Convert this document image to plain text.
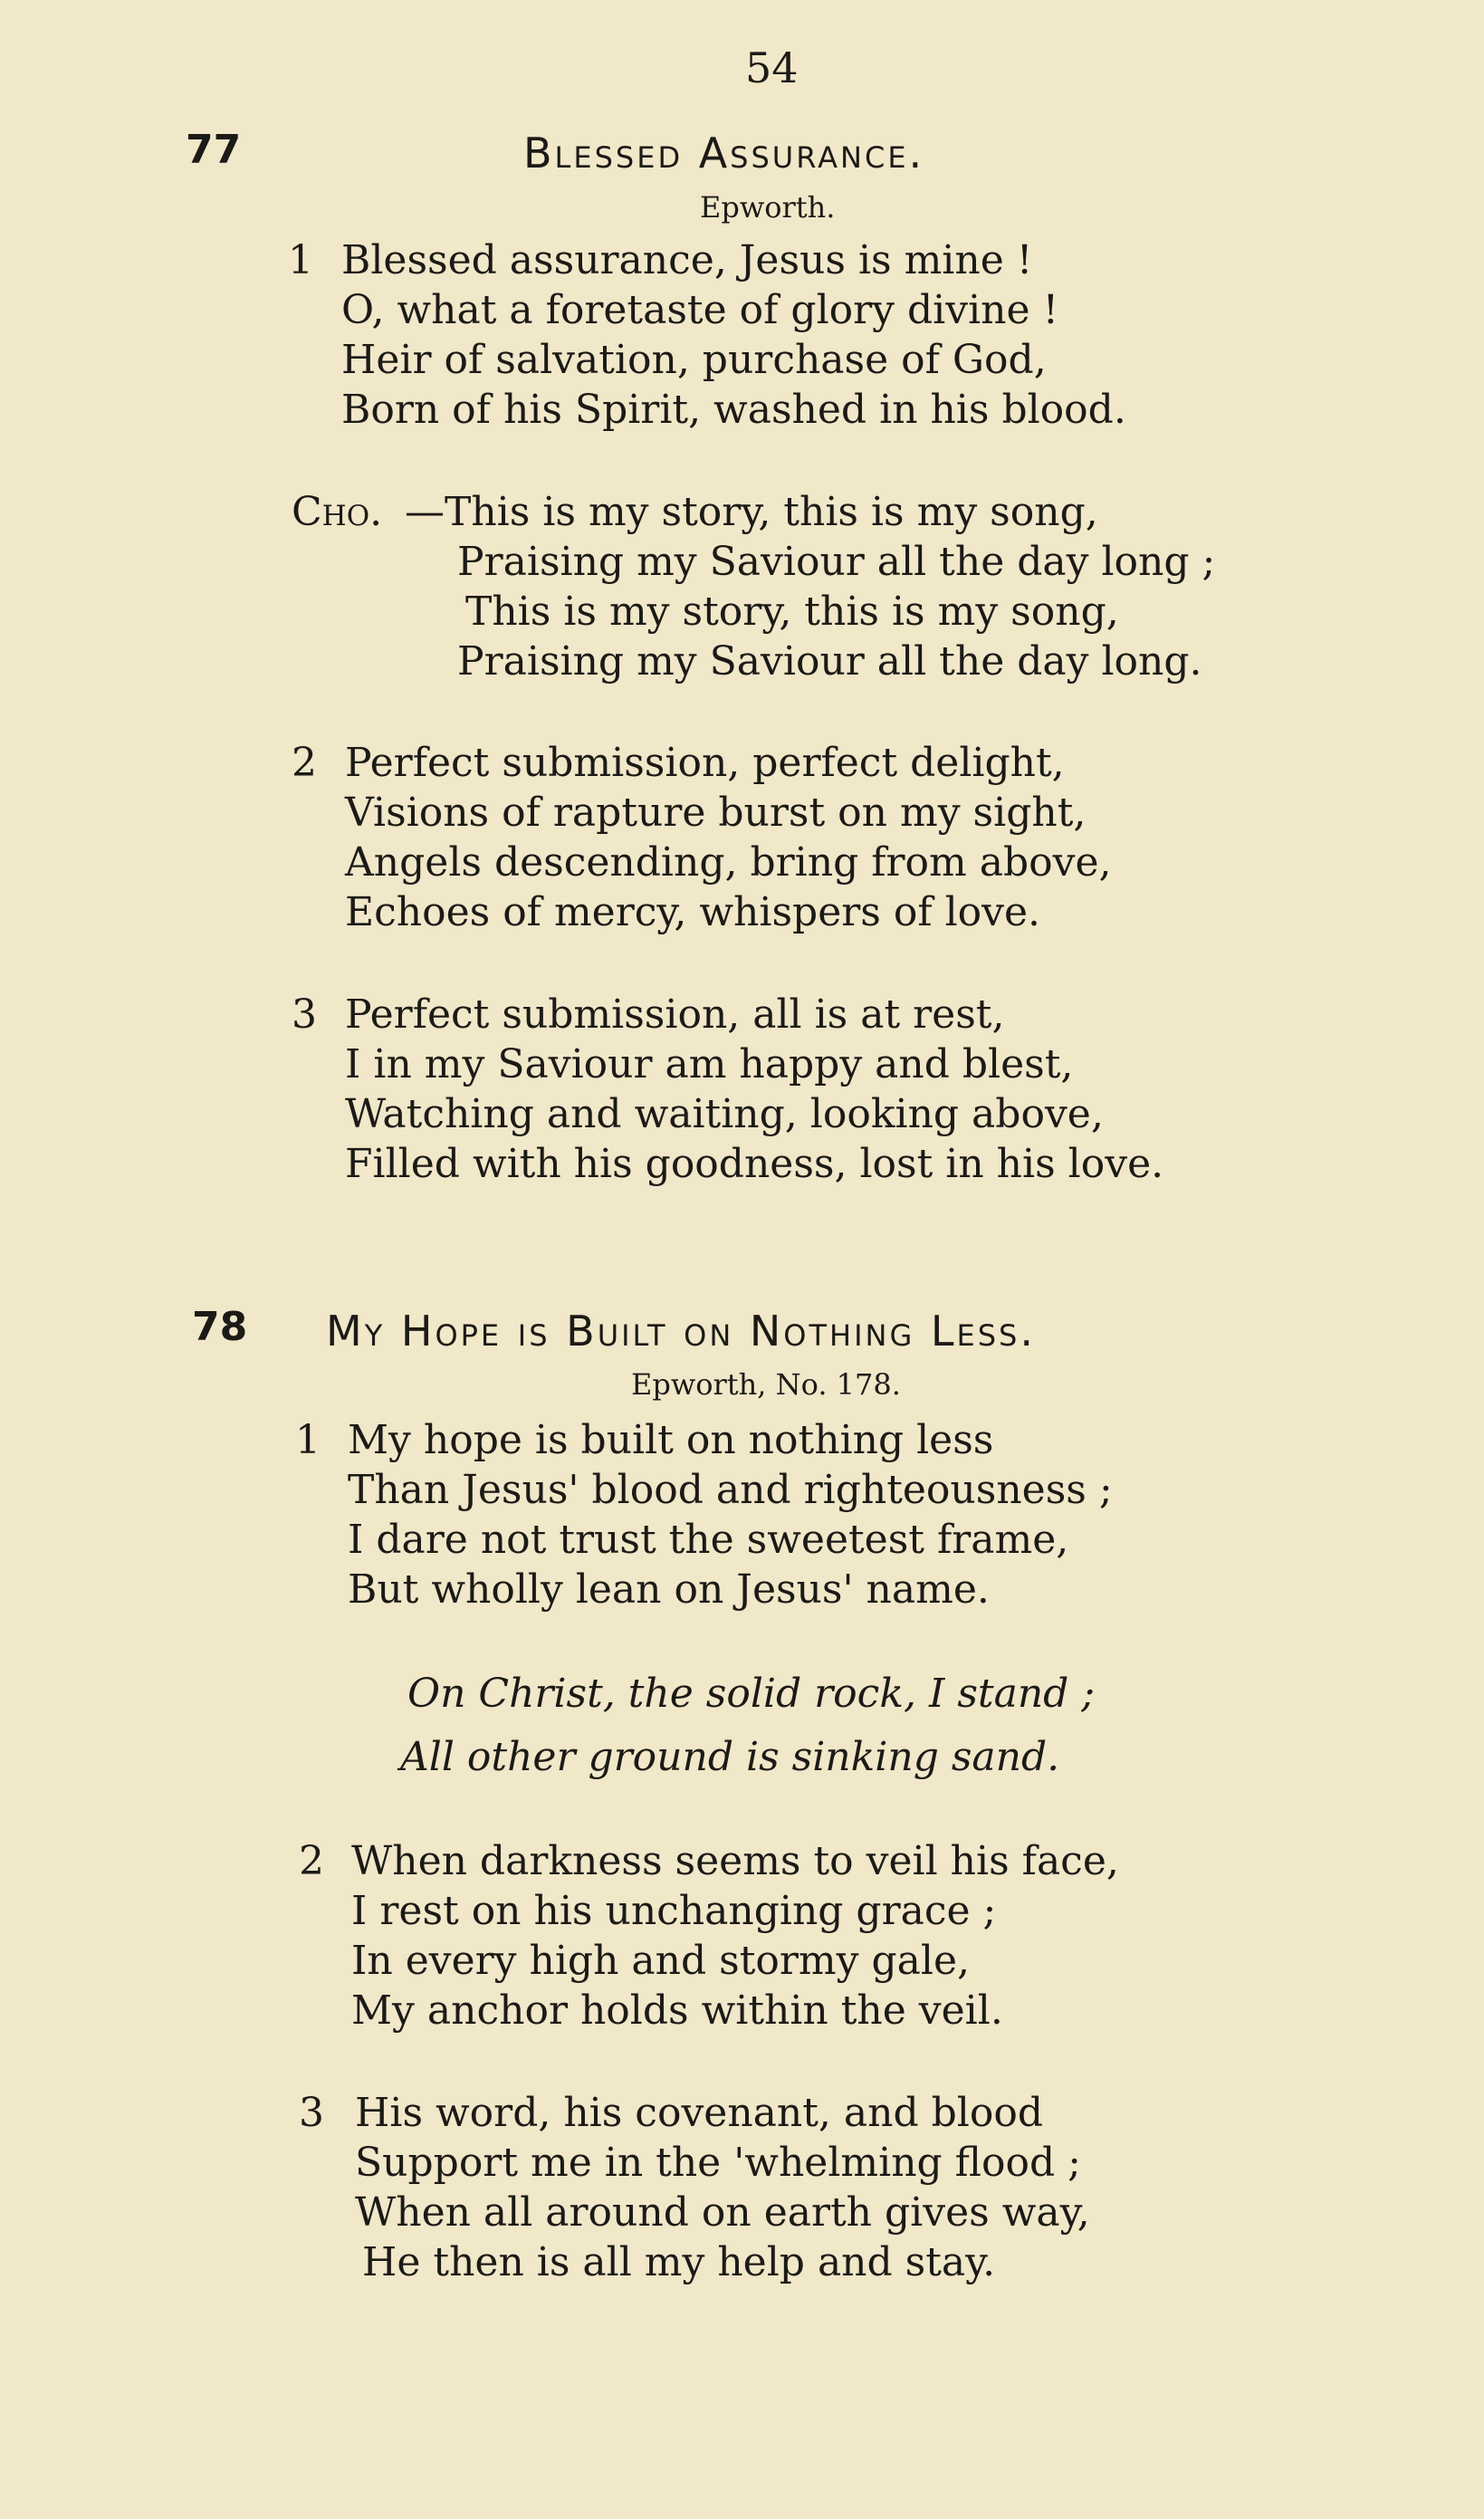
54
77	Blessed Assurance.
Epworth.
1 Blessed assurance, Jesus is mine !
O, what a foretaste of glory divine !
Heir of salvation, purchase of God,
Born of his Spirit, washed in his blood.
Cho. —This is my story, this is my song,
Praising my Saviour all the day long ;
This is my story, this is my song,
Praising my Saviour all the day long.
2 Perfect submission, perfect delight,
Visions of rapture burst on my sight,
Angels descending, bring from above,
Echoes of mercy, whispers of love.
3 Perfect submission, all is at rest,
I in my Saviour am happy and blest,
Watching and waiting, looking above,
Filled with his goodness, lost in his love.
78 My Hope is Built on Nothing Less.
Epworth, No. 178.
1 My hope is built on nothing less
Than Jesus' blood and righteousness ;
I dare not trust the sweetest frame,
But wholly lean on Jesus' name.
On Christ, the solid rock, I stand ;
All other ground is sinking sand.
2 When darkness seems to veil his face,
I rest on his unchanging grace ;
In every high and stormy gale,
My anchor holds within the veil.
3 His word, his covenant, and blood
Support me in the 'whelming flood ;
When all around on earth gives way,
He then is all my help and stay.
